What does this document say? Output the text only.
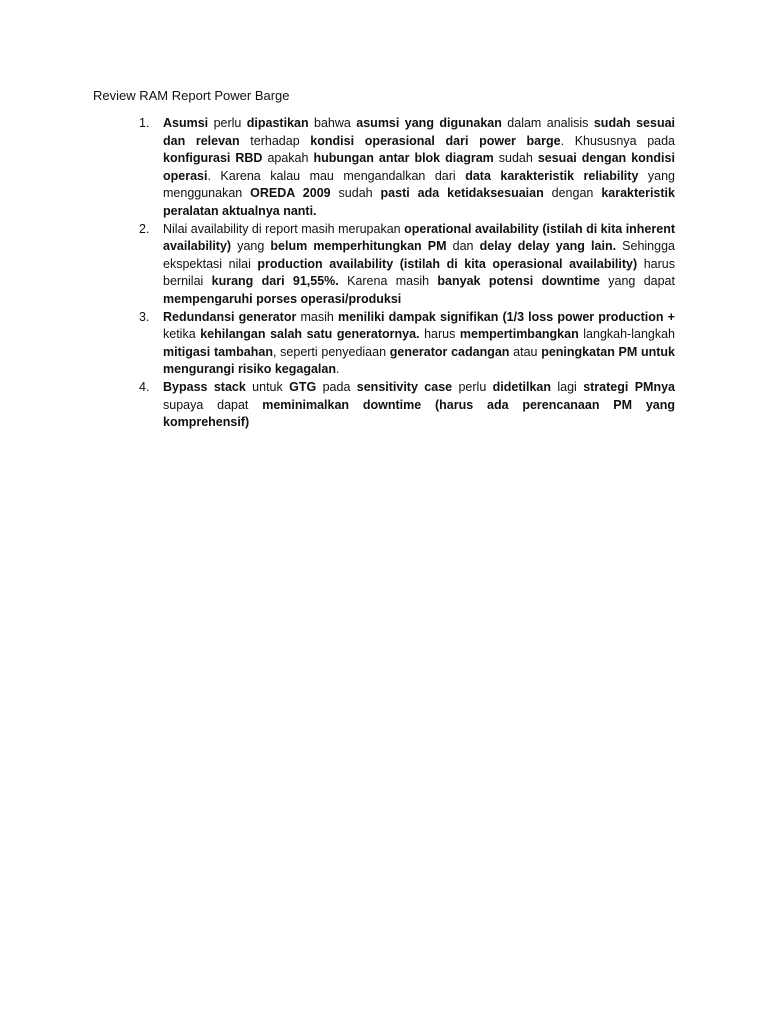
Review RAM Report Power Barge
1.	Asumsi perlu dipastikan bahwa asumsi yang digunakan dalam analisis sudah sesuai dan relevan terhadap kondisi operasional dari power barge. Khususnya pada konfigurasi RBD apakah hubungan antar blok diagram sudah sesuai dengan kondisi operasi. Karena kalau mau mengandalkan dari data karakteristik reliability yang menggunakan OREDA 2009 sudah pasti ada ketidaksesuaian dengan karakteristik peralatan aktualnya nanti.
2.	Nilai availability di report masih merupakan operational availability (istilah di kita inherent availability) yang belum memperhitungkan PM dan delay delay yang lain. Sehingga ekspektasi nilai production availability (istilah di kita operasional availability) harus bernilai kurang dari 91,55%. Karena masih banyak potensi downtime yang dapat mempengaruhi porses operasi/produksi
3.	Redundansi generator masih meniliki dampak signifikan (1/3 loss power production + ketika kehilangan salah satu generatornya. harus mempertimbangkan langkah-langkah mitigasi tambahan, seperti penyediaan generator cadangan atau peningkatan PM untuk mengurangi risiko kegagalan.
4.	Bypass stack untuk GTG pada sensitivity case perlu didetilkan lagi strategi PMnya supaya dapat meminimalkan downtime (harus ada perencanaan PM yang komprehensif)
